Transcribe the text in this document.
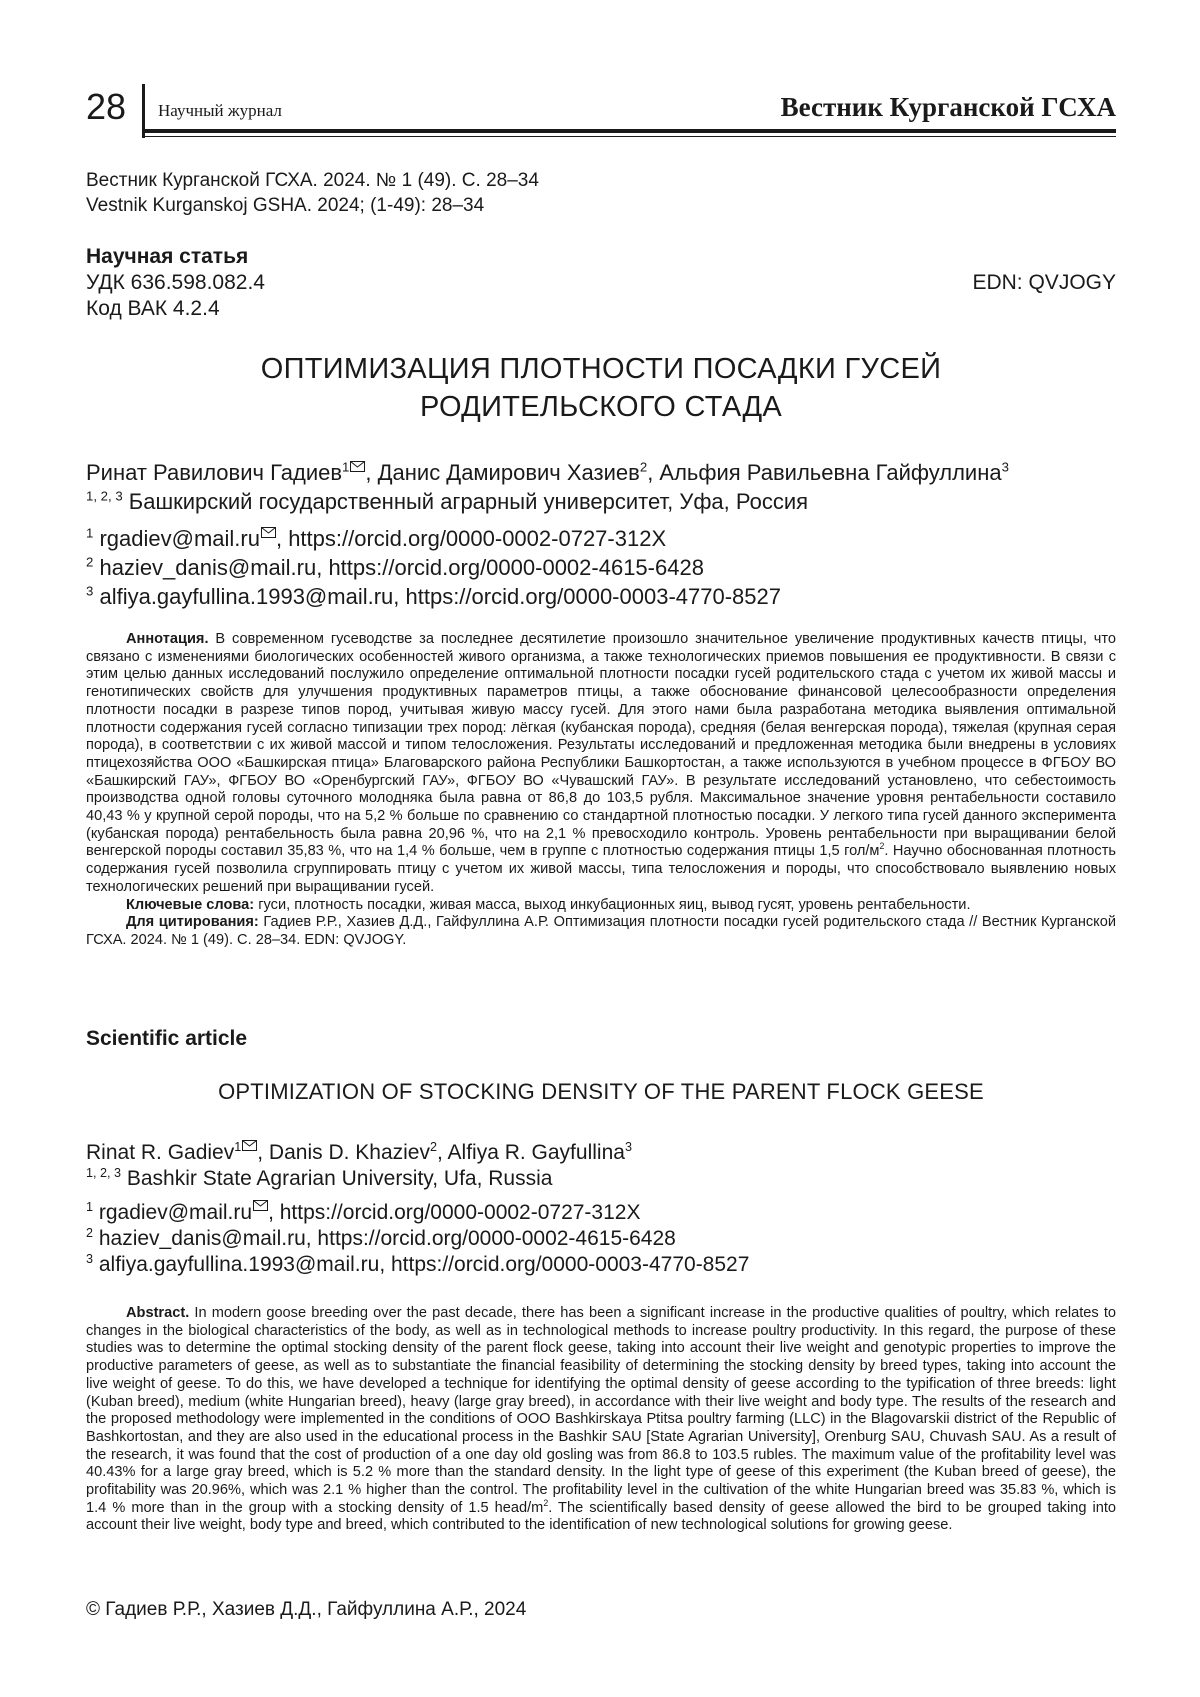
28 Научный журнал	Вестник Курганской ГСХА
Вестник Курганской ГСХА. 2024. № 1 (49). С. 28–34
Vestnik Kurganskoj GSHA. 2024; (1-49): 28–34
Научная статья
УДК 636.598.082.4	EDN: QVJOGY
Код ВАК 4.2.4
ОПТИМИЗАЦИЯ ПЛОТНОСТИ ПОСАДКИ ГУСЕЙ
РОДИТЕЛЬСКОГО СТАДА
Ринат Равилович Гадиев$^1$ , Данис Дамирович Хазиев$^2$, Альфия Равильевна Гайфуллина$^3$
$^{1, 2, 3}$ Башкирский государственный аграрный университет, Уфа, Россия
$^1$ rgadiev@mail.ru , https://orcid.org/0000-0002-0727-312X
$^2$ haziev_danis@mail.ru, https://orcid.org/0000-0002-4615-6428
$^3$ alfiya.gayfullina.1993@mail.ru, https://orcid.org/0000-0003-4770-8527

Аннотация. В современном гусеводстве за последнее десятилетие произошло значительное увеличение продуктивных качеств птицы, что связано с изменениями биологических особенностей живого организма, а также технологических приемов повышения ее продуктивности. В связи с этим целью данных исследований послужило определение оптимальной плотности посадки гусей родительского стада с учетом их живой массы и генотипических свойств для улучшения продуктивных параметров птицы, а также обоснование финансовой целесообразности определения плотности посадки в разрезе типов пород, учитывая живую массу гусей. Для этого нами была разработана методика выявления оптимальной плотности содержания гусей согласно типизации трех пород: лёгкая (кубанская порода), средняя (белая венгерская порода), тяжелая (крупная серая порода), в соответствии с их живой массой и типом телосложения. Результаты исследований и предложенная методика были внедрены в условиях птицехозяйства ООО «Башкирская птица» Благоварского района Республики Башкортостан, а также используются в учебном процессе в ФГБОУ ВО «Башкирский ГАУ», ФГБОУ ВО «Оренбургский ГАУ», ФГБОУ ВО «Чувашский ГАУ». В результате исследований установлено, что себестоимость производства одной головы суточного молодняка была равна от 86,8 до 103,5 рубля. Максимальное значение уровня рентабельности составило 40,43 % у крупной серой породы, что на 5,2 % больше по сравнению со стандартной плотностью посадки. У легкого типа гусей данного эксперимента (кубанская порода) рентабельность была равна 20,96 %, что на 2,1 % превосходило контроль. Уровень рентабельности при выращивании белой венгерской породы составил 35,83 %, что на 1,4 % больше, чем в группе с плотностью содержания птицы 1,5 гол/$м^2$. Научно обоснованная плотность содержания гусей позволила сгруппировать птицу с учетом их живой массы, типа телосложения и породы, что способствовало выявлению новых технологических решений при выращивании гусей.

Ключевые слова: гуси, плотность посадки, живая масса, выход инкубационных яиц, вывод гусят, уровень рентабельности.

Для цитирования: Гадиев Р.Р., Хазиев Д.Д., Гайфуллина А.Р. Оптимизация плотности посадки гусей родительского стада // Вестник Курганской ГСХА. 2024. № 1 (49). С. 28–34. EDN: QVJOGY.

Scientific article
OPTIMIZATION OF STOCKING DENSITY OF THE PARENT FLOCK GEESE
Rinat R. Gadiev$^1$ , Danis D. Khaziev$^2$, Alfiya R. Gayfullina$^3$
$^{1, 2, 3}$ Bashkir State Agrarian University, Ufa, Russia
$^1$ rgadiev@mail.ru , https://orcid.org/0000-0002-0727-312X
$^2$ haziev_danis@mail.ru, https://orcid.org/0000-0002-4615-6428
$^3$ alfiya.gayfullina.1993@mail.ru, https://orcid.org/0000-0003-4770-8527

Abstract. In modern goose breeding over the past decade, there has been a significant increase in the productive qualities of poultry, which relates to changes in the biological characteristics of the body, as well as in technological methods to increase poultry productivity. In this regard, the purpose of these studies was to determine the optimal stocking density of the parent flock geese, taking into account their live weight and genotypic properties to improve the productive parameters of geese, as well as to substantiate the financial feasibility of determining the stocking density by breed types, taking into account the live weight of geese. To do this, we have developed a technique for identifying the optimal density of geese according to the typification of three breeds: light (Kuban breed), medium (white Hungarian breed), heavy (large gray breed), in accordance with their live weight and body type. The results of the research and the proposed methodology were implemented in the conditions of OOO Bashkirskaya Ptitsa poultry farming (LLC) in the Blagovarskii district of the Republic of Bashkortostan, and they are also used in the educational process in the Bashkir SAU [State Agrarian University], Orenburg SAU, Chuvash SAU. As a result of the research, it was found that the cost of production of a one day old gosling was from 86.8 to 103.5 rubles. The maximum value of the profitability level was 40.43% for a large gray breed, which is 5.2 % more than the standard density. In the light type of geese of this experiment (the Kuban breed of geese), the profitability was 20.96%, which was 2.1 % higher than the control. The profitability level in the cultivation of the white Hungarian breed was 35.83 %, which is 1.4 % more than in the group with a stocking density of 1.5 head/$m^2$. The scientifically based density of geese allowed the bird to be grouped taking into account their live weight, body type and breed, which contributed to the identification of new technological solutions for growing geese.

© Гадиев Р.Р., Хазиев Д.Д., Гайфуллина А.Р., 2024
